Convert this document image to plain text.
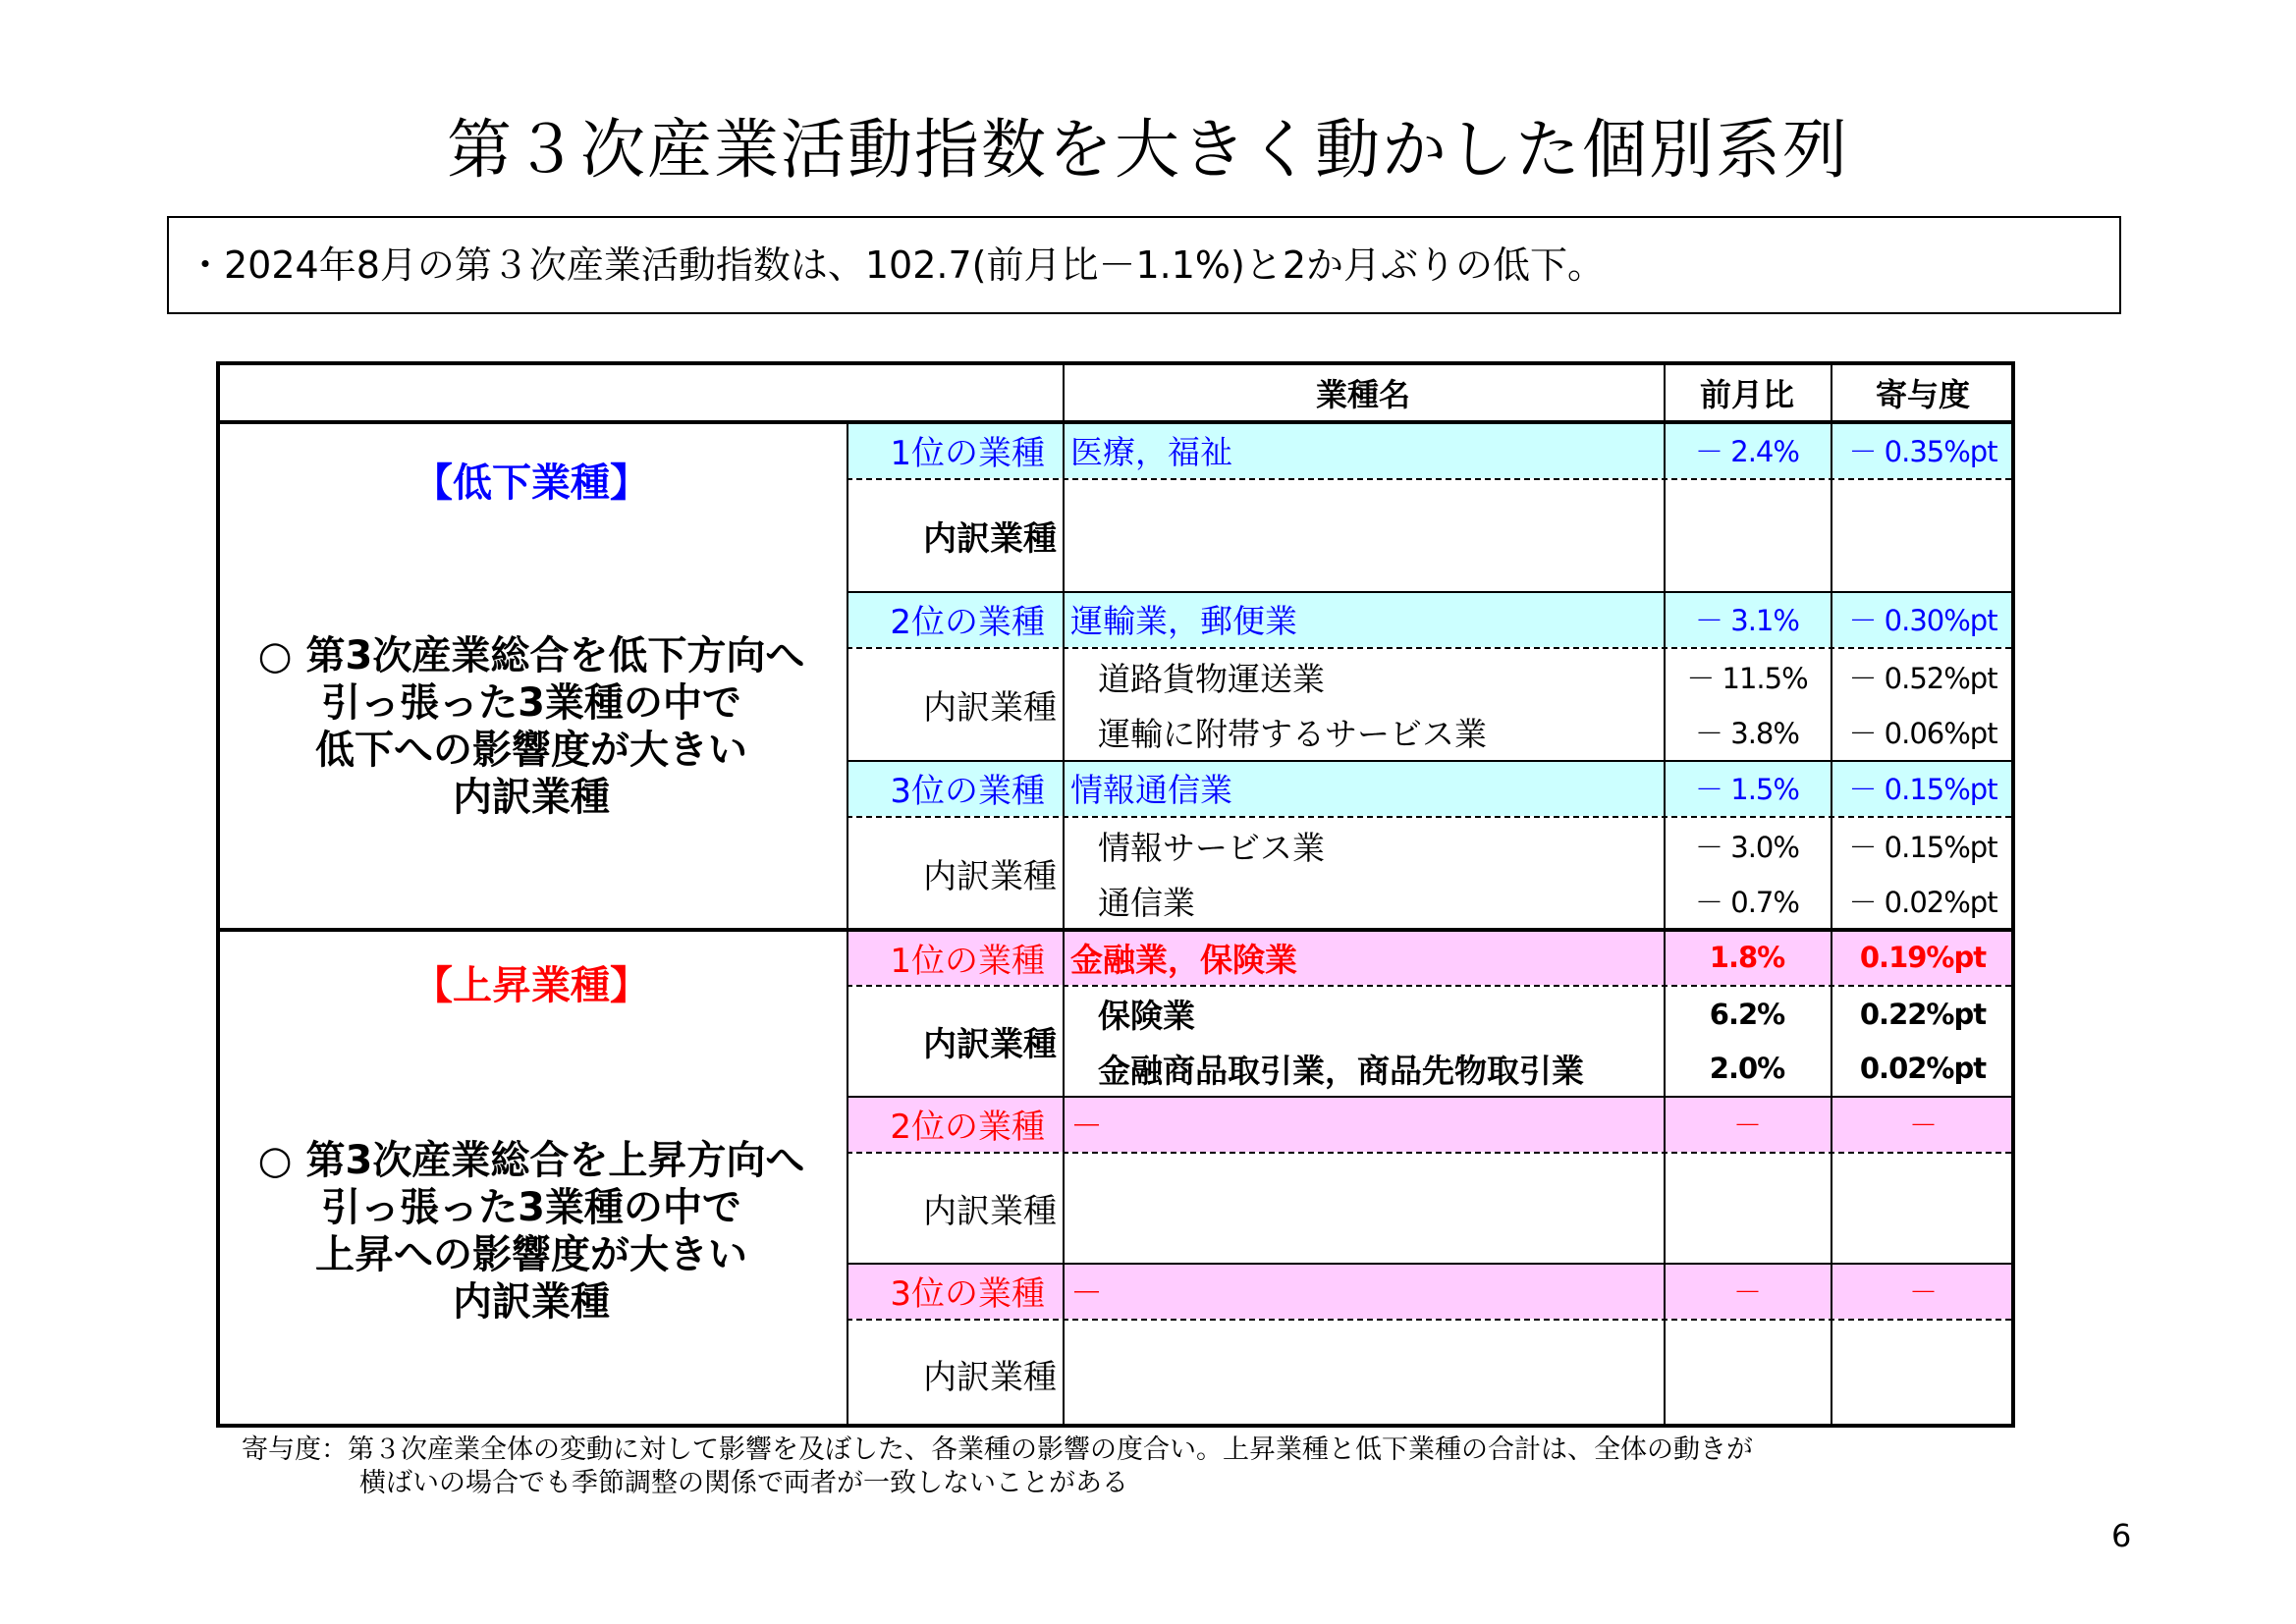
第３次産業活動指数を大きく動かした個別系列
・2024年8月の第３次産業活動指数は、102.7(前月比－1.1%)と2か月ぶりの低下。
業種名	前月比	寄与度
【低下業種】
○ 第3次産業総合を低下方向へ
引っ張った3業種の中で
低下への影響度が大きい
内訳業種
1位の業種 医療，福祉	－ 2.4%	－ 0.35%pt
内訳業種
2位の業種 運輸業，郵便業	－ 3.1%	－ 0.30%pt
内訳業種
道路貨物運送業	－ 11.5%	－ 0.52%pt
運輸に附帯するサービス業	－ 3.8%	－ 0.06%pt
3位の業種 情報通信業	－ 1.5%	－ 0.15%pt
内訳業種
情報サービス業	－ 3.0%	－ 0.15%pt
通信業	－ 0.7%	－ 0.02%pt
【上昇業種】
○ 第3次産業総合を上昇方向へ
引っ張った3業種の中で
上昇への影響度が大きい
内訳業種
1位の業種 金融業，保険業	1.8%	0.19%pt
内訳業種
保険業	6.2%	0.22%pt
金融商品取引業，商品先物取引業	2.0%	0.02%pt
2位の業種 －	－	－
内訳業種
3位の業種 －	－	－
内訳業種
寄与度：第３次産業全体の変動に対して影響を及ぼした、各業種の影響の度合い。上昇業種と低下業種の合計は、全体の動きが
横ばいの場合でも季節調整の関係で両者が一致しないことがある
6
